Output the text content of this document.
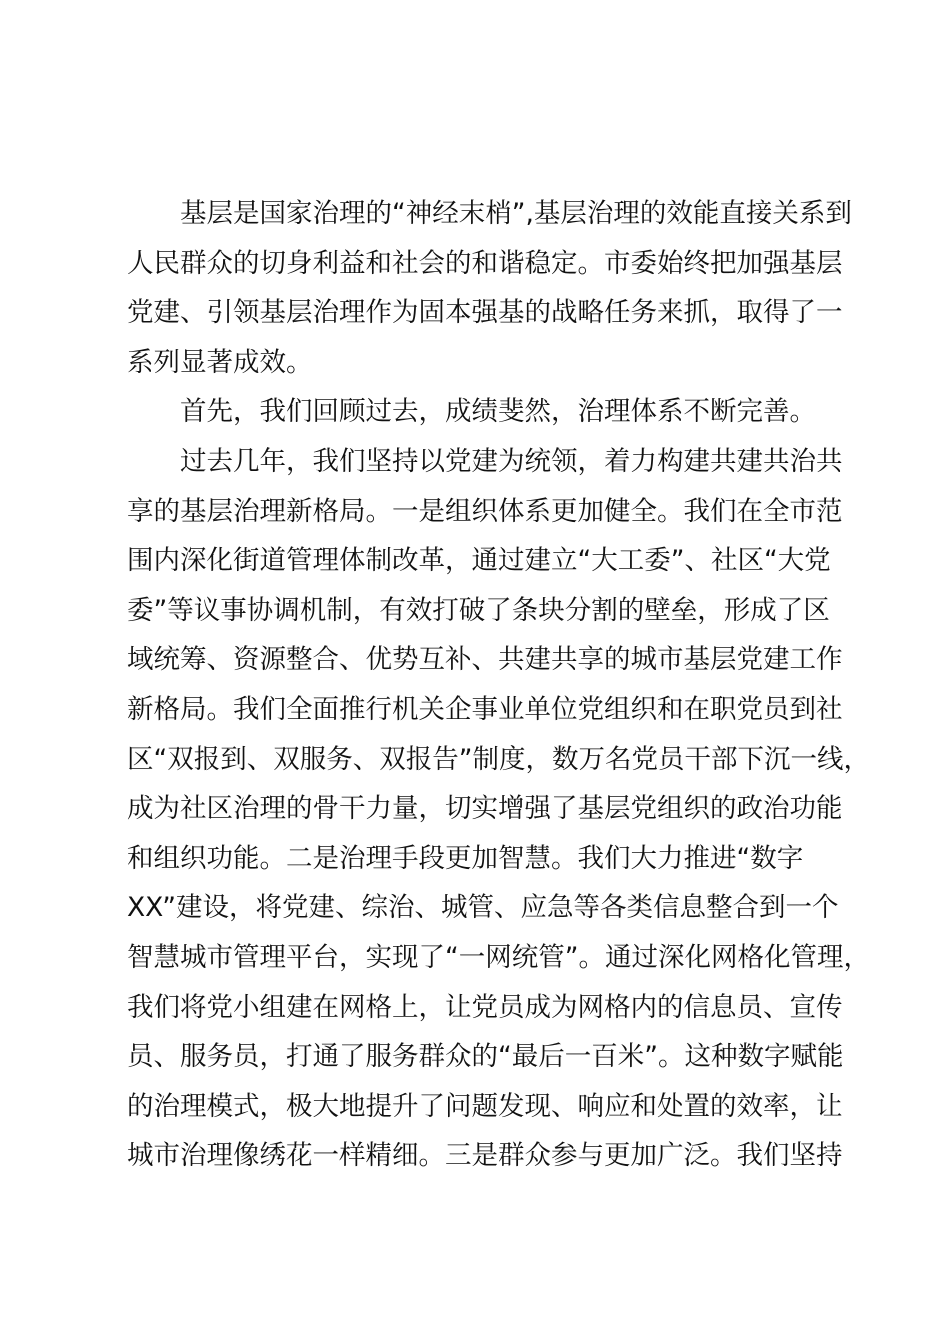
　　基层是国家治理的“神经末梢”,基层治理的效能直接关系到
人民群众的切身利益和社会的和谐稳定。市委始终把加强基层
党建、引领基层治理作为固本强基的战略任务来抓，取得了一
系列显著成效。
　　首先，我们回顾过去，成绩斐然，治理体系不断完善。
　　过去几年，我们坚持以党建为统领，着力构建共建共治共
享的基层治理新格局。一是组织体系更加健全。我们在全市范
围内深化街道管理体制改革，通过建立“大工委”、社区“大党
委”等议事协调机制，有效打破了条块分割的壁垒，形成了区
域统筹、资源整合、优势互补、共建共享的城市基层党建工作
新格局。我们全面推行机关企事业单位党组织和在职党员到社
区“双报到、双服务、双报告”制度，数万名党员干部下沉一线，
成为社区治理的骨干力量，切实增强了基层党组织的政治功能
和组织功能。二是治理手段更加智慧。我们大力推进“数字
XX”建设，将党建、综治、城管、应急等各类信息整合到一个
智慧城市管理平台，实现了“一网统管”。通过深化网格化管理，
我们将党小组建在网格上，让党员成为网格内的信息员、宣传
员、服务员，打通了服务群众的“最后一百米”。这种数字赋能
的治理模式，极大地提升了问题发现、响应和处置的效率，让
城市治理像绣花一样精细。三是群众参与更加广泛。我们坚持
